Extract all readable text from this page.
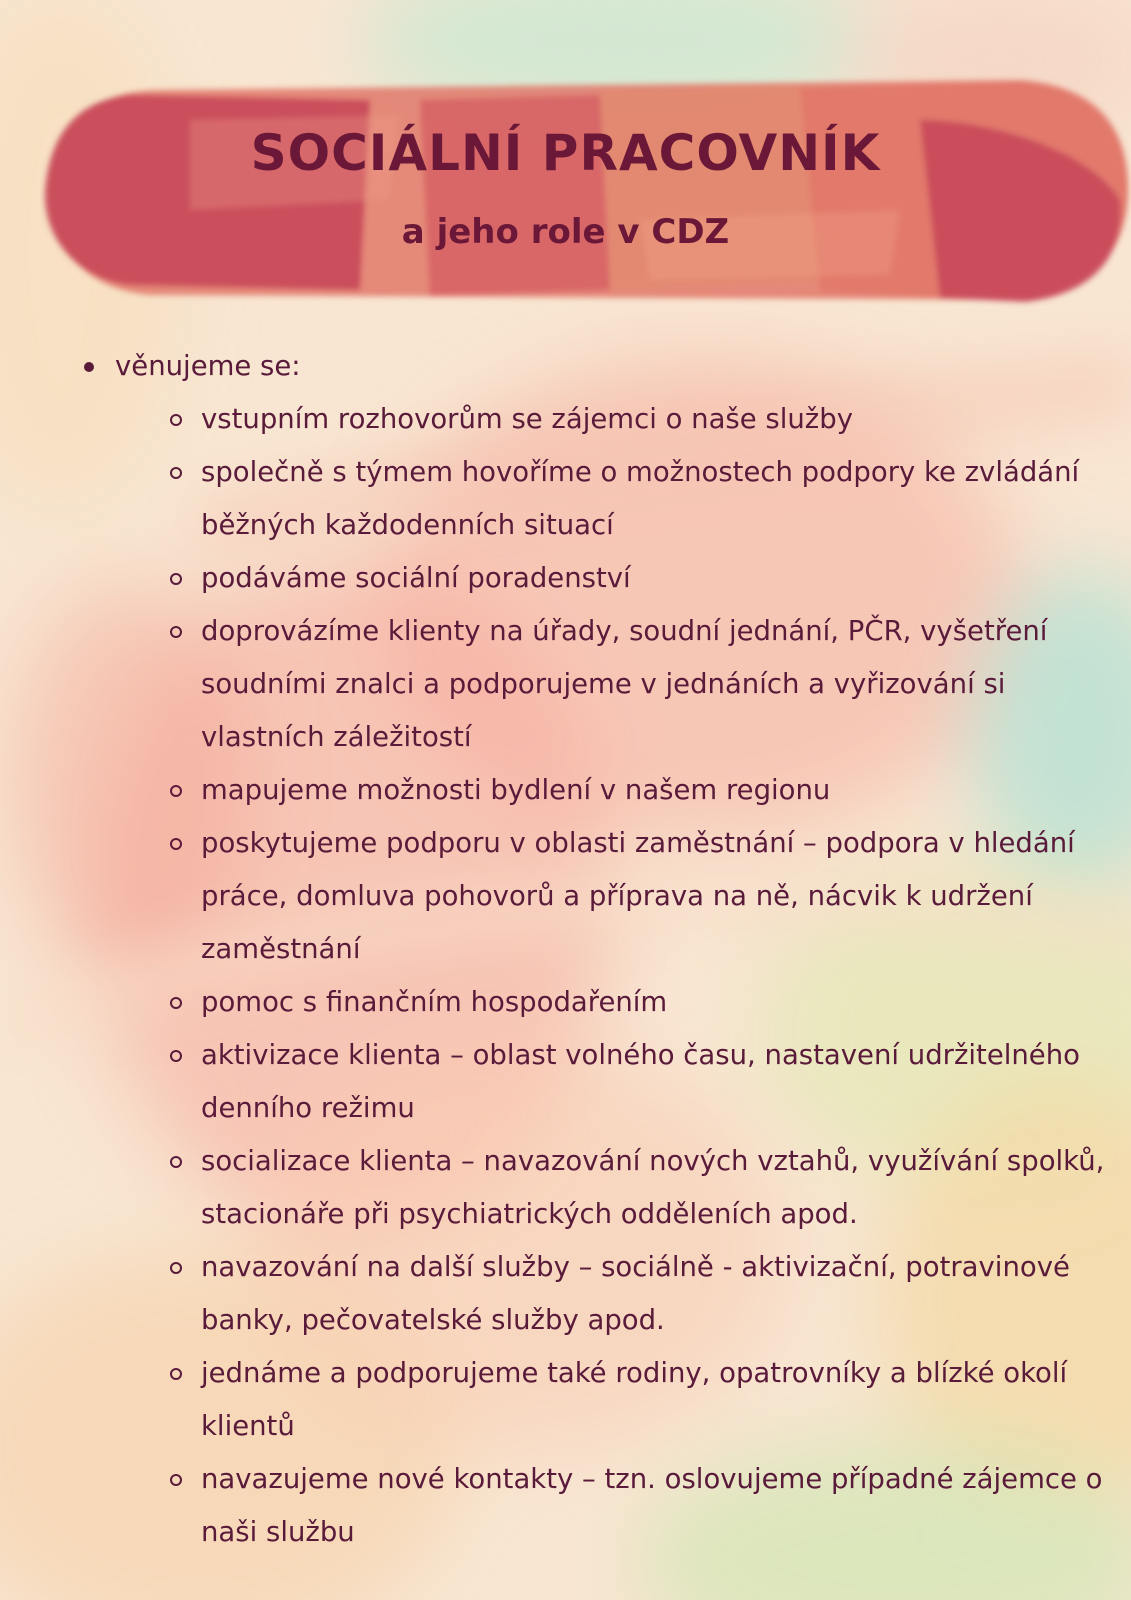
SOCIÁLNÍ PRACOVNÍK
a jeho role v CDZ
věnujeme se:
vstupním rozhovorům se zájemci o naše služby
společně s týmem hovoříme o možnostech podpory ke zvládání běžných každodenních situací
podáváme sociální poradenství
doprovázíme klienty na úřady, soudní jednání, PČR, vyšetření soudními znalci a podporujeme v jednáních a vyřizování si vlastních záležitostí
mapujeme možnosti bydlení v našem regionu
poskytujeme podporu v oblasti zaměstnání – podpora v hledání práce, domluva pohovorů a příprava na ně, nácvik k udržení zaměstnání
pomoc s finančním hospodařením
aktivizace klienta – oblast volného času, nastavení udržitelného denního režimu
socializace klienta – navazování nových vztahů, využívání spolků, stacionáře při psychiatrických odděleních apod.
navazování na další služby – sociálně - aktivizační, potravinové banky, pečovatelské služby apod.
jednáme a podporujeme také rodiny, opatrovníky a blízké okolí klientů
navazujeme nové kontakty – tzn. oslovujeme případné zájemce o naši službu
